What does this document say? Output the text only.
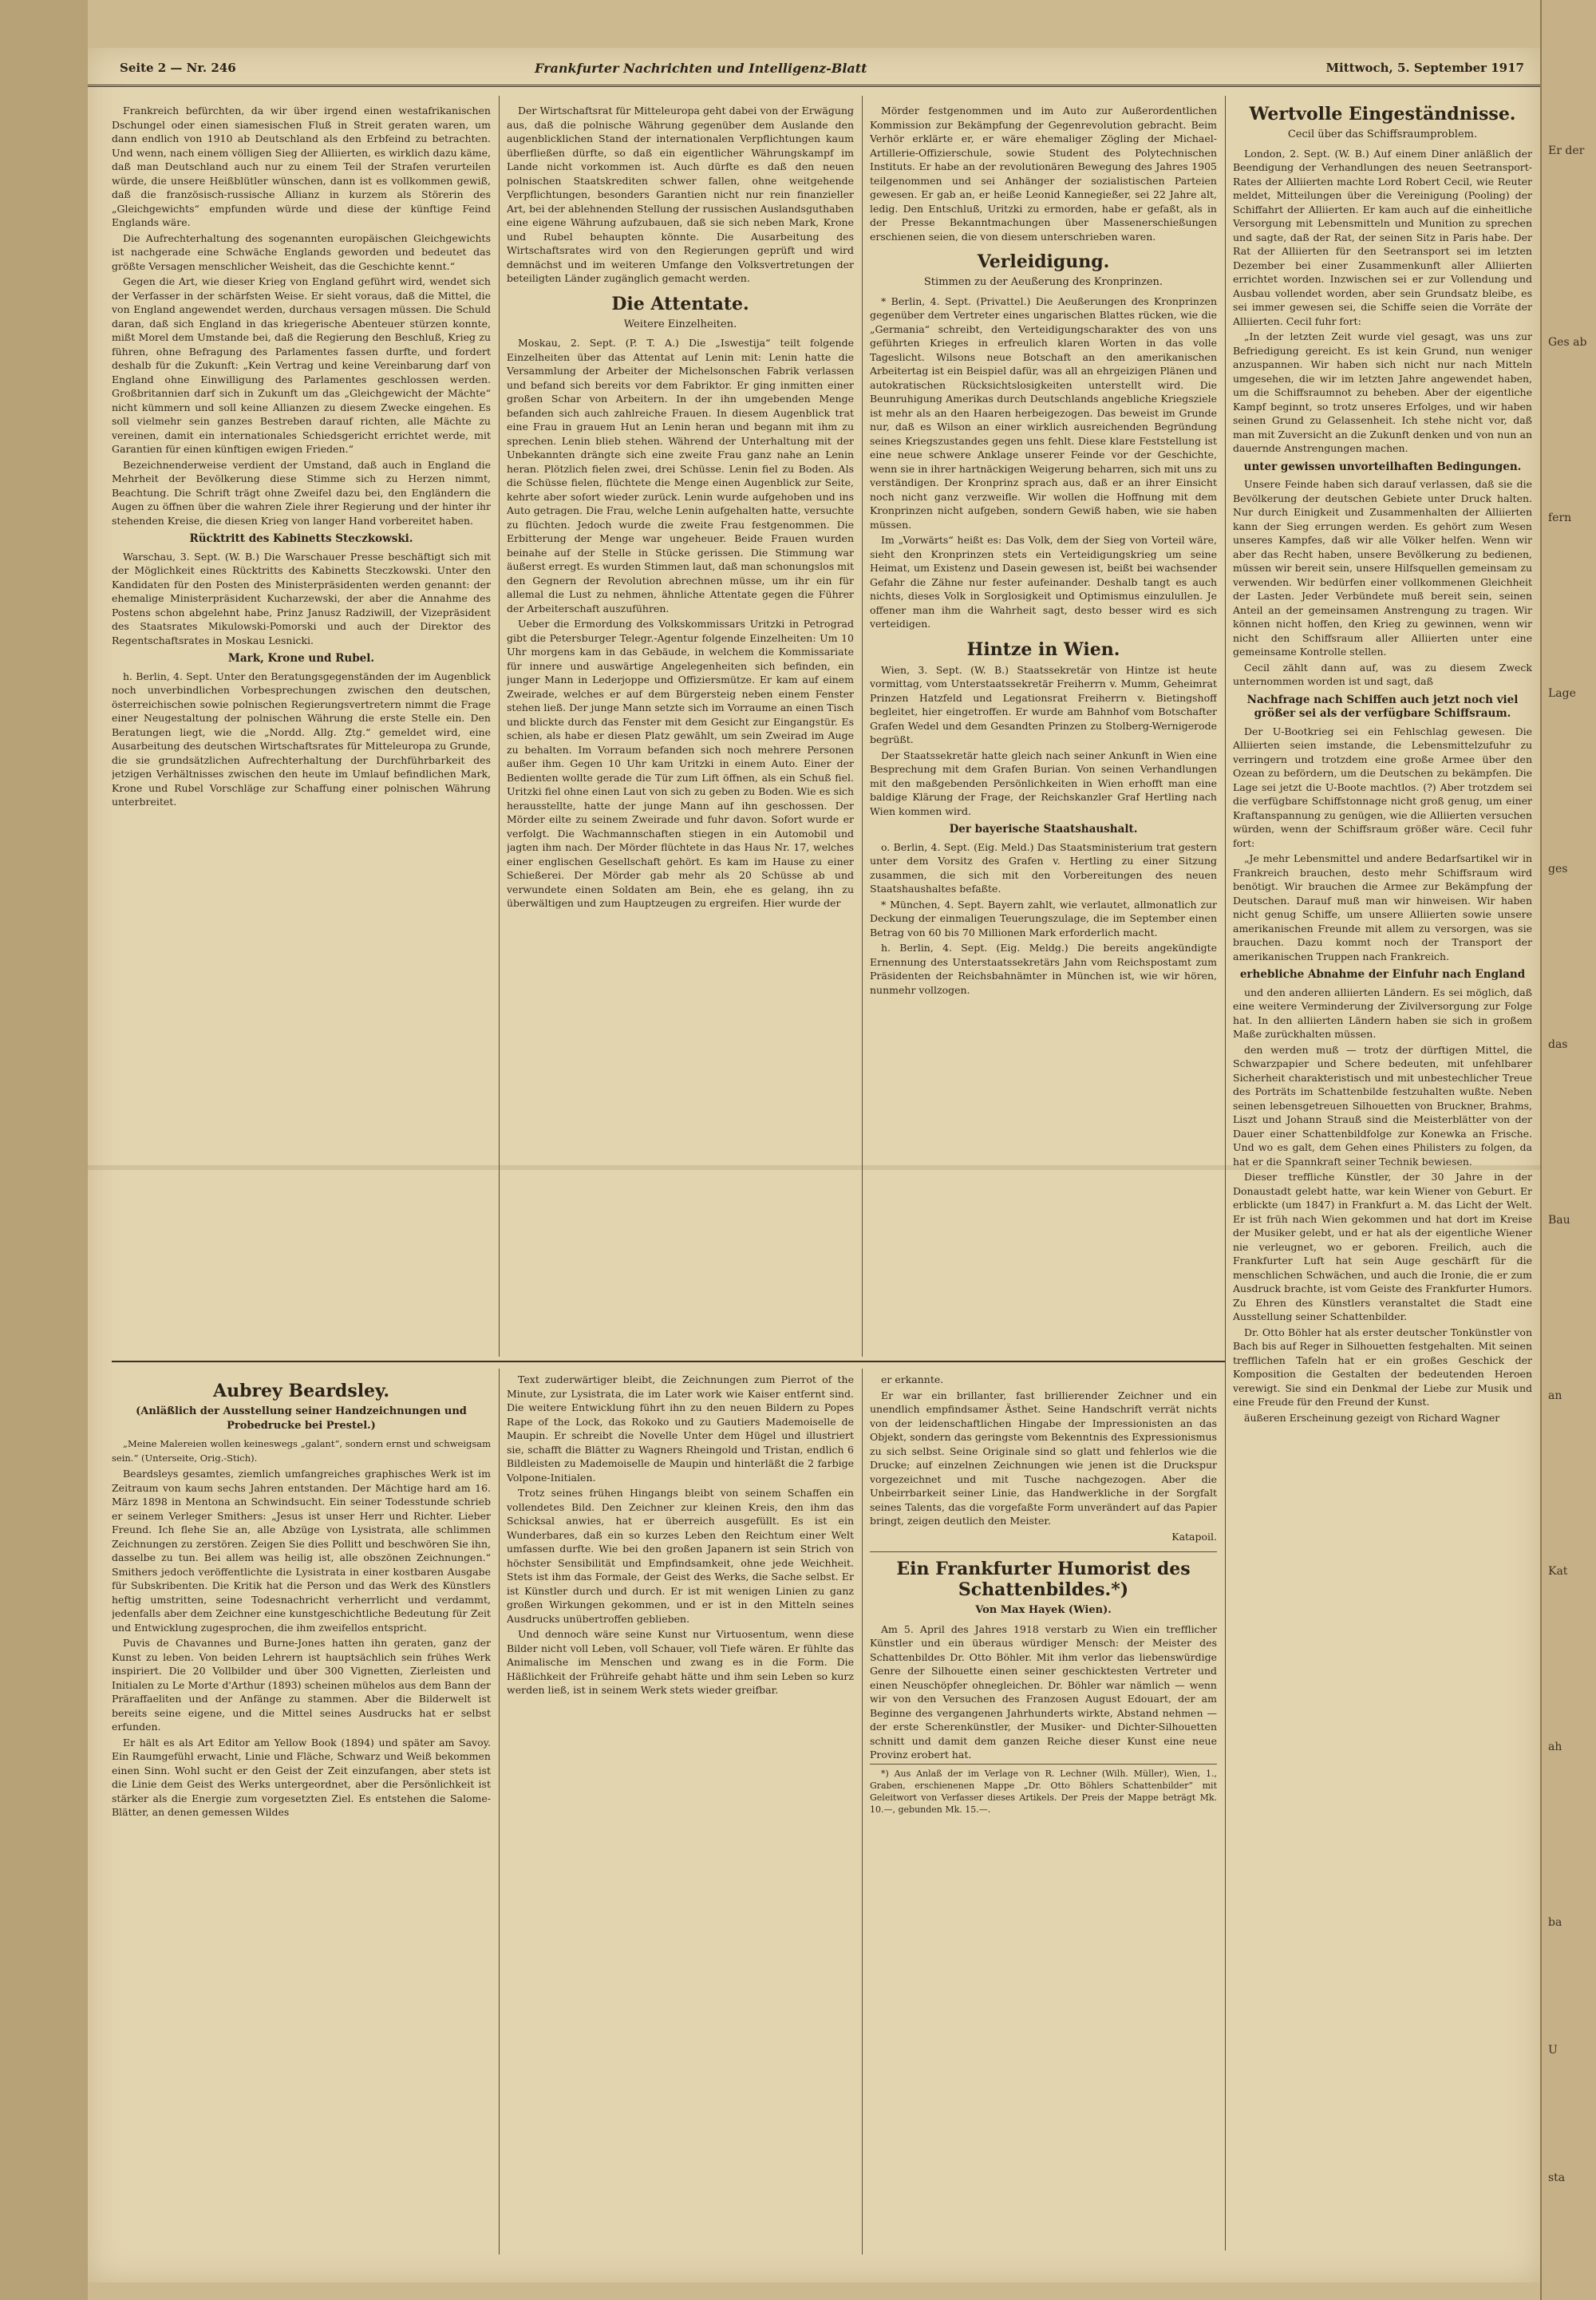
Seite 2 — Nr. 246	Frankfurter Nachrichten und Intelligenz-Blatt	Mittwoch, 5. September 1917

Frankreich befürchten, da wir über irgend einen westafrikanischen Dschungel oder einen siamesischen Fluß in Streit geraten waren, um dann endlich von 1910 ab Deutschland als den Erbfeind zu betrachten. Und wenn, nach einem völligen Sieg der Alliierten, es wirklich dazu käme, daß man Deutschland auch nur zu einem Teil der Strafen verurteilen würde, die unsere Heißblütler wünschen, dann ist es vollkommen gewiß, daß die französisch-russische Allianz in kurzem als Störerin des „Gleichgewichts“ empfunden würde und diese der künftige Feind Englands wäre.

Die Aufrechterhaltung des sogenannten europäischen Gleichgewichts ist nachgerade eine Schwäche Englands geworden und bedeutet das größte Versagen menschlicher Weisheit, das die Geschichte kennt.“

Gegen die Art, wie dieser Krieg von England geführt wird, wendet sich der Verfasser in der schärfsten Weise. Er sieht voraus, daß die Mittel, die von England angewendet werden, durchaus versagen müssen. Die Schuld daran, daß sich England in das kriegerische Abenteuer stürzen konnte, mißt Morel dem Umstande bei, daß die Regierung den Beschluß, Krieg zu führen, ohne Befragung des Parlamentes fassen durfte, und fordert deshalb für die Zukunft: „Kein Vertrag und keine Vereinbarung darf von England ohne Einwilligung des Parlamentes geschlossen werden. Großbritannien darf sich in Zukunft um das „Gleichgewicht der Mächte“ nicht kümmern und soll keine Allianzen zu diesem Zwecke eingehen. Es soll vielmehr sein ganzes Bestreben darauf richten, alle Mächte zu vereinen, damit ein internationales Schiedsgericht errichtet werde, mit Garantien für einen künftigen ewigen Frieden.“

Bezeichnenderweise verdient der Umstand, daß auch in England die Mehrheit der Bevölkerung diese Stimme sich zu Herzen nimmt, Beachtung. Die Schrift trägt ohne Zweifel dazu bei, den Engländern die Augen zu öffnen über die wahren Ziele ihrer Regierung und der hinter ihr stehenden Kreise, die diesen Krieg von langer Hand vorbereitet haben.

Rücktritt des Kabinetts Steczkowski.

Warschau, 3. Sept. (W. B.) Die Warschauer Presse beschäftigt sich mit der Möglichkeit eines Rücktritts des Kabinetts Steczkowski. Unter den Kandidaten für den Posten des Ministerpräsidenten werden genannt: der ehemalige Ministerpräsident Kucharzewski, der aber die Annahme des Postens schon abgelehnt habe, Prinz Janusz Radziwill, der Vizepräsident des Staatsrates Mikulowski-Pomorski und auch der Direktor des Regentschaftsrates in Moskau Lesnicki.

Mark, Krone und Rubel.

h. Berlin, 4. Sept. Unter den Beratungsgegenständen der im Augenblick noch unverbindlichen Vorbesprechungen zwischen den deutschen, österreichischen sowie polnischen Regierungsvertretern nimmt die Frage einer Neugestaltung der polnischen Währung die erste Stelle ein. Den Beratungen liegt, wie die „Nordd. Allg. Ztg.“ gemeldet wird, eine Ausarbeitung des deutschen Wirtschaftsrates für Mitteleuropa zu Grunde, die sie grundsätzlichen Aufrechterhaltung der Durchführbarkeit des jetzigen Verhältnisses zwischen den heute im Umlauf befindlichen Mark, Krone und Rubel Vorschläge zur Schaffung einer polnischen Währung unterbreitet.

Der Wirtschaftsrat für Mitteleuropa geht dabei von der Erwägung aus, daß die polnische Währung gegenüber dem Auslande den augenblicklichen Stand der internationalen Verpflichtungen kaum überfließen dürfte, so daß ein eigentlicher Währungskampf im Lande nicht vorkommen ist. Auch dürfte es daß den neuen polnischen Staatskrediten schwer fallen, ohne weitgehende Verpflichtungen, besonders Garantien nicht nur rein finanzieller Art, bei der ablehnenden Stellung der russischen Auslandsguthaben eine eigene Währung aufzubauen, daß sie sich neben Mark, Krone und Rubel behaupten könnte. Die Ausarbeitung des Wirtschaftsrates wird von den Regierungen geprüft und wird demnächst und im weiteren Umfange den Volksvertretungen der beteiligten Länder zugänglich gemacht werden.

Die Attentate.
Weitere Einzelheiten.

Moskau, 2. Sept. (P. T. A.) Die „Iswestija“ teilt folgende Einzelheiten über das Attentat auf Lenin mit: Lenin hatte die Versammlung der Arbeiter der Michelsonschen Fabrik verlassen und befand sich bereits vor dem Fabriktor. Er ging inmitten einer großen Schar von Arbeitern. In der ihn umgebenden Menge befanden sich auch zahlreiche Frauen. In diesem Augenblick trat eine Frau in grauem Hut an Lenin heran und begann mit ihm zu sprechen. Lenin blieb stehen. Während der Unterhaltung mit der Unbekannten drängte sich eine zweite Frau ganz nahe an Lenin heran. Plötzlich fielen zwei, drei Schüsse. Lenin fiel zu Boden. Als die Schüsse fielen, flüchtete die Menge einen Augenblick zur Seite, kehrte aber sofort wieder zurück. Lenin wurde aufgehoben und ins Auto getragen. Die Frau, welche Lenin aufgehalten hatte, versuchte zu flüchten. Jedoch wurde die zweite Frau festgenommen. Die Erbitterung der Menge war ungeheuer. Beide Frauen wurden beinahe auf der Stelle in Stücke gerissen. Die Stimmung war äußerst erregt. Es wurden Stimmen laut, daß man schonungslos mit den Gegnern der Revolution abrechnen müsse, um ihr ein für allemal die Lust zu nehmen, ähnliche Attentate gegen die Führer der Arbeiterschaft auszuführen.

Ueber die Ermordung des Volkskommissars Uritzki in Petrograd gibt die Petersburger Telegr.-Agentur folgende Einzelheiten: Um 10 Uhr morgens kam in das Gebäude, in welchem die Kommissariate für innere und auswärtige Angelegenheiten sich befinden, ein junger Mann in Lederjoppe und Offiziersmütze. Er kam auf einem Zweirade, welches er auf dem Bürgersteig neben einem Fenster stehen ließ. Der junge Mann setzte sich im Vorraume an einen Tisch und blickte durch das Fenster mit dem Gesicht zur Eingangstür. Es schien, als habe er diesen Platz gewählt, um sein Zweirad im Auge zu behalten. Im Vorraum befanden sich noch mehrere Personen außer ihm. Gegen 10 Uhr kam Uritzki in einem Auto. Einer der Bedienten wollte gerade die Tür zum Lift öffnen, als ein Schuß fiel. Uritzki fiel ohne einen Laut von sich zu geben zu Boden. Wie es sich herausstellte, hatte der junge Mann auf ihn geschossen. Der Mörder eilte zu seinem Zweirade und fuhr davon. Sofort wurde er verfolgt. Die Wachmannschaften stiegen in ein Automobil und jagten ihm nach. Der Mörder flüchtete in das Haus Nr. 17, welches einer englischen Gesellschaft gehört. Es kam im Hause zu einer Schießerei. Der Mörder gab mehr als 20 Schüsse ab und verwundete einen Soldaten am Bein, ehe es gelang, ihn zu überwältigen und zum Hauptzeugen zu ergreifen. Hier wurde der

Mörder festgenommen und im Auto zur Außerordentlichen Kommission zur Bekämpfung der Gegenrevolution gebracht. Beim Verhör erklärte er, er wäre ehemaliger Zögling der Michael-Artillerie-Offizierschule, sowie Student des Polytechnischen Instituts. Er habe an der revolutionären Bewegung des Jahres 1905 teilgenommen und sei Anhänger der sozialistischen Parteien gewesen. Er gab an, er heiße Leonid Kannegießer, sei 22 Jahre alt, ledig. Den Entschluß, Uritzki zu ermorden, habe er gefaßt, als in der Presse Bekanntmachungen über Massenerschießungen erschienen seien, die von diesem unterschrieben waren.

Verleidigung.
Stimmen zu der Aeußerung des Kronprinzen.

* Berlin, 4. Sept. (Privattel.) Die Aeußerungen des Kronprinzen gegenüber dem Vertreter eines ungarischen Blattes rücken, wie die „Germania“ schreibt, den Verteidigungscharakter des von uns geführten Krieges in erfreulich klaren Worten in das volle Tageslicht. Wilsons neue Botschaft an den amerikanischen Arbeitertag ist ein Beispiel dafür, was all an ehrgeizigen Plänen und autokratischen Rücksichtslosigkeiten unterstellt wird. Die Beunruhigung Amerikas durch Deutschlands angebliche Kriegsziele ist mehr als an den Haaren herbeigezogen. Das beweist im Grunde nur, daß es Wilson an einer wirklich ausreichenden Begründung seines Kriegszustandes gegen uns fehlt. Diese klare Feststellung ist eine neue schwere Anklage unserer Feinde vor der Geschichte, wenn sie in ihrer hartnäckigen Weigerung beharren, sich mit uns zu verständigen. Der Kronprinz sprach aus, daß er an ihrer Einsicht noch nicht ganz verzweifle. Wir wollen die Hoffnung mit dem Kronprinzen nicht aufgeben, sondern Gewiß haben, wie sie haben müssen.

Im „Vorwärts“ heißt es: Das Volk, dem der Sieg von Vorteil wäre, sieht den Kronprinzen stets ein Verteidigungskrieg um seine Heimat, um Existenz und Dasein gewesen ist, beißt bei wachsender Gefahr die Zähne nur fester aufeinander. Deshalb tangt es auch nichts, dieses Volk in Sorglosigkeit und Optimismus einzulullen. Je offener man ihm die Wahrheit sagt, desto besser wird es sich verteidigen.

Hintze in Wien.

Wien, 3. Sept. (W. B.) Staatssekretär von Hintze ist heute vormittag, vom Unterstaatssekretär Freiherrn v. Mumm, Geheimrat Prinzen Hatzfeld und Legationsrat Freiherrn v. Bietingshoff begleitet, hier eingetroffen. Er wurde am Bahnhof vom Botschafter Grafen Wedel und dem Gesandten Prinzen zu Stolberg-Wernigerode begrüßt.

Der Staatssekretär hatte gleich nach seiner Ankunft in Wien eine Besprechung mit dem Grafen Burian. Von seinen Verhandlungen mit den maßgebenden Persönlichkeiten in Wien erhofft man eine baldige Klärung der Frage, der Reichskanzler Graf Hertling nach Wien kommen wird.

Der bayerische Staatshaushalt.

o. Berlin, 4. Sept. (Eig. Meld.) Das Staatsministerium trat gestern unter dem Vorsitz des Grafen v. Hertling zu einer Sitzung zusammen, die sich mit den Vorbereitungen des neuen Staatshaushaltes befaßte.

* München, 4. Sept. Bayern zahlt, wie verlautet, allmonatlich zur Deckung der einmaligen Teuerungszulage, die im September einen Betrag von 60 bis 70 Millionen Mark erforderlich macht.

h. Berlin, 4. Sept. (Eig. Meldg.) Die bereits angekündigte Ernennung des Unterstaatssekretärs Jahn vom Reichspostamt zum Präsidenten der Reichsbahnämter in München ist, wie wir hören, nunmehr vollzogen.

Wertvolle Eingeständnisse.
Cecil über das Schiffsraumproblem.

London, 2. Sept. (W. B.) Auf einem Diner anläßlich der Beendigung der Verhandlungen des neuen Seetransport-Rates der Alliierten machte Lord Robert Cecil, wie Reuter meldet, Mitteilungen über die Vereinigung (Pooling) der Schiffahrt der Alliierten. Er kam auch auf die einheitliche Versorgung mit Lebensmitteln und Munition zu sprechen und sagte, daß der Rat, der seinen Sitz in Paris habe. Der Rat der Alliierten für den Seetransport sei im letzten Dezember bei einer Zusammenkunft aller Alliierten errichtet worden. Inzwischen sei er zur Vollendung und Ausbau vollendet worden, aber sein Grundsatz bleibe, es sei immer gewesen sei, die Schiffe seien die Vorräte der Alliierten. Cecil fuhr fort:

„In der letzten Zeit wurde viel gesagt, was uns zur Befriedigung gereicht. Es ist kein Grund, nun weniger anzuspannen. Wir haben sich nicht nur nach Mitteln umgesehen, die wir im letzten Jahre angewendet haben, um die Schiffsraumnot zu beheben. Aber der eigentliche Kampf beginnt, so trotz unseres Erfolges, und wir haben seinen Grund zu Gelassenheit. Ich stehe nicht vor, daß man mit Zuversicht an die Zukunft denken und von nun an dauernde Anstrengungen machen.

unter gewissen unvorteilhaften Bedingungen.

Unsere Feinde haben sich darauf verlassen, daß sie die Bevölkerung der deutschen Gebiete unter Druck halten. Nur durch Einigkeit und Zusammenhalten der Alliierten kann der Sieg errungen werden. Es gehört zum Wesen unseres Kampfes, daß wir alle Völker helfen. Wenn wir aber das Recht haben, unsere Bevölkerung zu bedienen, müssen wir bereit sein, unsere Hilfsquellen gemeinsam zu verwenden. Wir bedürfen einer vollkommenen Gleichheit der Lasten. Jeder Verbündete muß bereit sein, seinen Anteil an der gemeinsamen Anstrengung zu tragen. Wir können nicht hoffen, den Krieg zu gewinnen, wenn wir nicht den Schiffsraum aller Alliierten unter eine gemeinsame Kontrolle stellen.

Cecil zählt dann auf, was zu diesem Zweck unternommen worden ist und sagt, daß

Nachfrage nach Schiffen auch jetzt noch viel größer sei als der verfügbare Schiffsraum.

Der U-Bootkrieg sei ein Fehlschlag gewesen. Die Alliierten seien imstande, die Lebensmittelzufuhr zu verringern und trotzdem eine große Armee über den Ozean zu befördern, um die Deutschen zu bekämpfen. Die Lage sei jetzt die U-Boote machtlos. (?) Aber trotzdem sei die verfügbare Schiffstonnage nicht groß genug, um einer Kraftanspannung zu genügen, wie die Alliierten versuchen würden, wenn der Schiffsraum größer wäre. Cecil fuhr fort:

„Je mehr Lebensmittel und andere Bedarfsartikel wir in Frankreich brauchen, desto mehr Schiffsraum wird benötigt. Wir brauchen die Armee zur Bekämpfung der Deutschen. Darauf muß man wir hinweisen. Wir haben nicht genug Schiffe, um unsere Alliierten sowie unsere amerikanischen Freunde mit allem zu versorgen, was sie brauchen. Dazu kommt noch der Transport der amerikanischen Truppen nach Frankreich.

erhebliche Abnahme der Einfuhr nach England

und den anderen alliierten Ländern. Es sei möglich, daß eine weitere Verminderung der Zivilversorgung zur Folge hat. In den alliierten Ländern haben sie sich in großem Maße zurückhalten müssen.

den werden muß — trotz der dürftigen Mittel, die Schwarzpapier und Schere bedeuten, mit unfehlbarer Sicherheit charakteristisch und mit unbestechlicher Treue des Porträts im Schattenbilde festzuhalten wußte. Neben seinen lebensgetreuen Silhouetten von Bruckner, Brahms, Liszt und Johann Strauß sind die Meisterblätter von der Dauer einer Schattenbildfolge zur Konewka an Frische. Und wo es galt, dem Gehen eines Philisters zu folgen, da hat er die Spannkraft seiner Technik bewiesen.

Dieser treffliche Künstler, der 30 Jahre in der Donaustadt gelebt hatte, war kein Wiener von Geburt. Er erblickte (um 1847) in Frankfurt a. M. das Licht der Welt. Er ist früh nach Wien gekommen und hat dort im Kreise der Musiker gelebt, und er hat als der eigentliche Wiener nie verleugnet, wo er geboren. Freilich, auch die Frankfurter Luft hat sein Auge geschärft für die menschlichen Schwächen, und auch die Ironie, die er zum Ausdruck brachte, ist vom Geiste des Frankfurter Humors. Zu Ehren des Künstlers veranstaltet die Stadt eine Ausstellung seiner Schattenbilder.

Dr. Otto Böhler hat als erster deutscher Tonkünstler von Bach bis auf Reger in Silhouetten festgehalten. Mit seinen trefflichen Tafeln hat er ein großes Geschick der Komposition die Gestalten der bedeutenden Heroen verewigt. Sie sind ein Denkmal der Liebe zur Musik und eine Freude für den Freund der Kunst.

äußeren Erscheinung gezeigt von Richard Wagner

Aubrey Beardsley.
(Anläßlich der Ausstellung seiner Handzeichnungen und Probedrucke bei Prestel.)

„Meine Malereien wollen keineswegs „galant“, sondern ernst und schweigsam sein.“ (Unterseite, Orig.-Stich).

Beardsleys gesamtes, ziemlich umfangreiches graphisches Werk ist im Zeitraum von kaum sechs Jahren entstanden. Der Mächtige hard am 16. März 1898 in Mentona an Schwindsucht. Ein seiner Todesstunde schrieb er seinem Verleger Smithers: „Jesus ist unser Herr und Richter. Lieber Freund. Ich flehe Sie an, alle Abzüge von Lysistrata, alle schlimmen Zeichnungen zu zerstören. Zeigen Sie dies Pollitt und beschwören Sie ihn, dasselbe zu tun. Bei allem was heilig ist, alle obszönen Zeichnungen.“ Smithers jedoch veröffentlichte die Lysistrata in einer kostbaren Ausgabe für Subskribenten. Die Kritik hat die Person und das Werk des Künstlers heftig umstritten, seine Todesnachricht verherrlicht und verdammt, jedenfalls aber dem Zeichner eine kunstgeschichtliche Bedeutung für Zeit und Entwicklung zugesprochen, die ihm zweifellos entspricht.

Puvis de Chavannes und Burne-Jones hatten ihn geraten, ganz der Kunst zu leben. Von beiden Lehrern ist hauptsächlich sein frühes Werk inspiriert. Die 20 Vollbilder und über 300 Vignetten, Zierleisten und Initialen zu Le Morte d'Arthur (1893) scheinen mühelos aus dem Bann der Präraffaeliten und der Anfänge zu stammen. Aber die Bilderwelt ist bereits seine eigene, und die Mittel seines Ausdrucks hat er selbst erfunden.

Er hält es als Art Editor am Yellow Book (1894) und später am Savoy. Ein Raumgefühl erwacht, Linie und Fläche, Schwarz und Weiß bekommen einen Sinn. Wohl sucht er den Geist der Zeit einzufangen, aber stets ist die Linie dem Geist des Werks untergeordnet, aber die Persönlichkeit ist stärker als die Energie zum vorgesetzten Ziel. Es entstehen die Salome-Blätter, an denen gemessen Wildes

Text zuderwärtiger bleibt, die Zeichnungen zum Pierrot of the Minute, zur Lysistrata, die im Later work wie Kaiser entfernt sind. Die weitere Entwicklung führt ihn zu den neuen Bildern zu Popes Rape of the Lock, das Rokoko und zu Gautiers Mademoiselle de Maupin. Er schreibt die Novelle Unter dem Hügel und illustriert sie, schafft die Blätter zu Wagners Rheingold und Tristan, endlich 6 Bildleisten zu Mademoiselle de Maupin und hinterläßt die 2 farbige Volpone-Initialen.

Trotz seines frühen Hingangs bleibt von seinem Schaffen ein vollendetes Bild. Den Zeichner zur kleinen Kreis, den ihm das Schicksal anwies, hat er überreich ausgefüllt. Es ist ein Wunderbares, daß ein so kurzes Leben den Reichtum einer Welt umfassen durfte. Wie bei den großen Japanern ist sein Strich von höchster Sensibilität und Empfindsamkeit, ohne jede Weichheit. Stets ist ihm das Formale, der Geist des Werks, die Sache selbst. Er ist Künstler durch und durch. Er ist mit wenigen Linien zu ganz großen Wirkungen gekommen, und er ist in den Mitteln seines Ausdrucks unübertroffen geblieben.

Und dennoch wäre seine Kunst nur Virtuosentum, wenn diese Bilder nicht voll Leben, voll Schauer, voll Tiefe wären. Er fühlte das Animalische im Menschen und zwang es in die Form. Die Häßlichkeit der Frühreife gehabt hätte und ihm sein Leben so kurz werden ließ, ist in seinem Werk stets wieder greifbar.

er erkannte.

Er war ein brillanter, fast brillierender Zeichner und ein unendlich empfindsamer Ästhet. Seine Handschrift verrät nichts von der leidenschaftlichen Hingabe der Impressionisten an das Objekt, sondern das geringste vom Bekenntnis des Expressionismus zu sich selbst. Seine Originale sind so glatt und fehlerlos wie die Drucke; auf einzelnen Zeichnungen wie jenen ist die Druckspur vorgezeichnet und mit Tusche nachgezogen. Aber die Unbeirrbarkeit seiner Linie, das Handwerkliche in der Sorgfalt seines Talents, das die vorgefaßte Form unverändert auf das Papier bringt, zeigen deutlich den Meister.

Katapoil.

Ein Frankfurter Humorist des Schattenbildes.*)
Von Max Hayek (Wien).

Am 5. April des Jahres 1918 verstarb zu Wien ein trefflicher Künstler und ein überaus würdiger Mensch: der Meister des Schattenbildes Dr. Otto Böhler. Mit ihm verlor das liebenswürdige Genre der Silhouette einen seiner geschicktesten Vertreter und einen Neuschöpfer ohnegleichen. Dr. Böhler war nämlich — wenn wir von den Versuchen des Franzosen August Edouart, der am Beginne des vergangenen Jahrhunderts wirkte, Abstand nehmen — der erste Scherenkünstler, der Musiker- und Dichter-Silhouetten schnitt und damit dem ganzen Reiche dieser Kunst eine neue Provinz erobert hat.

*) Aus Anlaß der im Verlage von R. Lechner (Wilh. Müller), Wien, 1., Graben, erschienenen Mappe „Dr. Otto Böhlers Schattenbilder“ mit Geleitwort von Verfasser dieses Artikels. Der Preis der Mappe beträgt Mk. 10.—, gebunden Mk. 15.—.

Er der
Ges ab
fern
Lage
ges
das
Bau
an
Kat
ah
ba
U
sta
